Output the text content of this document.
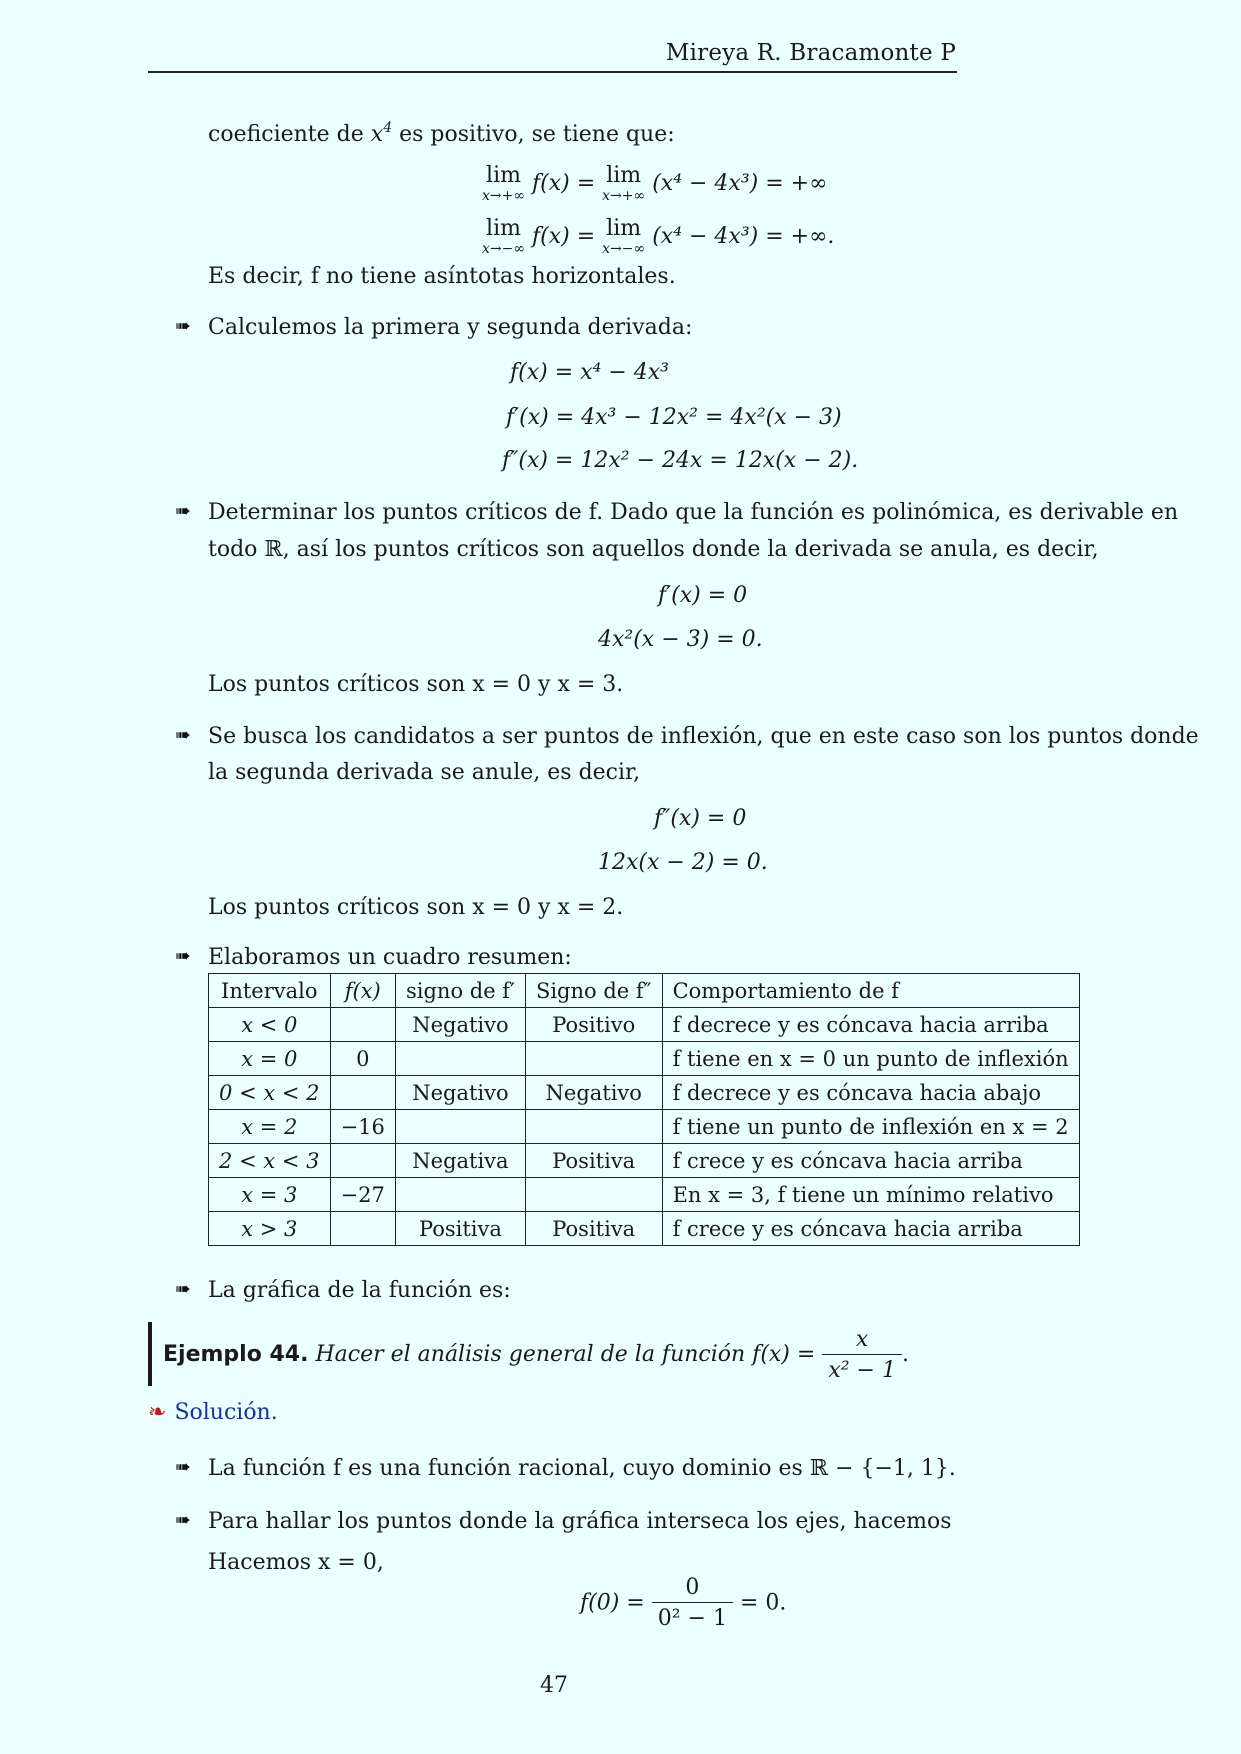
Mireya R. Bracamonte P
coeficiente de $x^4$ es positivo, se tiene que:
lim
x→+∞ f(x) = lim
x→+∞ (x⁴ − 4x³) = +∞
lim
x→−∞ f(x) = lim
x→−∞ (x⁴ − 4x³) = +∞.
Es decir, f no tiene asíntotas horizontales.
➠ Calculemos la primera y segunda derivada:
f(x) = x⁴ − 4x³
f′(x) = 4x³ − 12x² = 4x²(x − 3)
f″(x) = 12x² − 24x = 12x(x − 2).
➠ Determinar los puntos críticos de f. Dado que la función es polinómica, es derivable en
todo ℝ, así los puntos críticos son aquellos donde la derivada se anula, es decir,
f′(x) = 0
4x²(x − 3) = 0.
Los puntos críticos son x = 0 y x = 3.
➠ Se busca los candidatos a ser puntos de inflexión, que en este caso son los puntos donde
la segunda derivada se anule, es decir,
f″(x) = 0
12x(x − 2) = 0.
Los puntos críticos son x = 0 y x = 2.
➠ Elaboramos un cuadro resumen:
Intervalo	f(x)	signo de f′	Signo de f″	Comportamiento de f
x < 0		Negativo	Positivo	f decrece y es cóncava hacia arriba
x = 0	0			f tiene en x = 0 un punto de inflexión
0 < x < 2		Negativo	Negativo	f decrece y es cóncava hacia abajo
x = 2	−16			f tiene un punto de inflexión en x = 2
2 < x < 3		Negativa	Positiva	f crece y es cóncava hacia arriba
x = 3	−27			En x = 3, f tiene un mínimo relativo
x > 3		Positiva	Positiva	f crece y es cóncava hacia arriba
➠ La gráfica de la función es:
Ejemplo 44. Hacer el análisis general de la función $f(x) = \frac{x}{\text{x² − 1}}$ .
❧ Solución.
➠ La función f es una función racional, cuyo dominio es ℝ − {−1, 1}.
➠ Para hallar los puntos donde la gráfica interseca los ejes, hacemos
Hacemos x = 0,
$f(0) = \frac{0}{\text{0² − 1}} = 0$.
47
